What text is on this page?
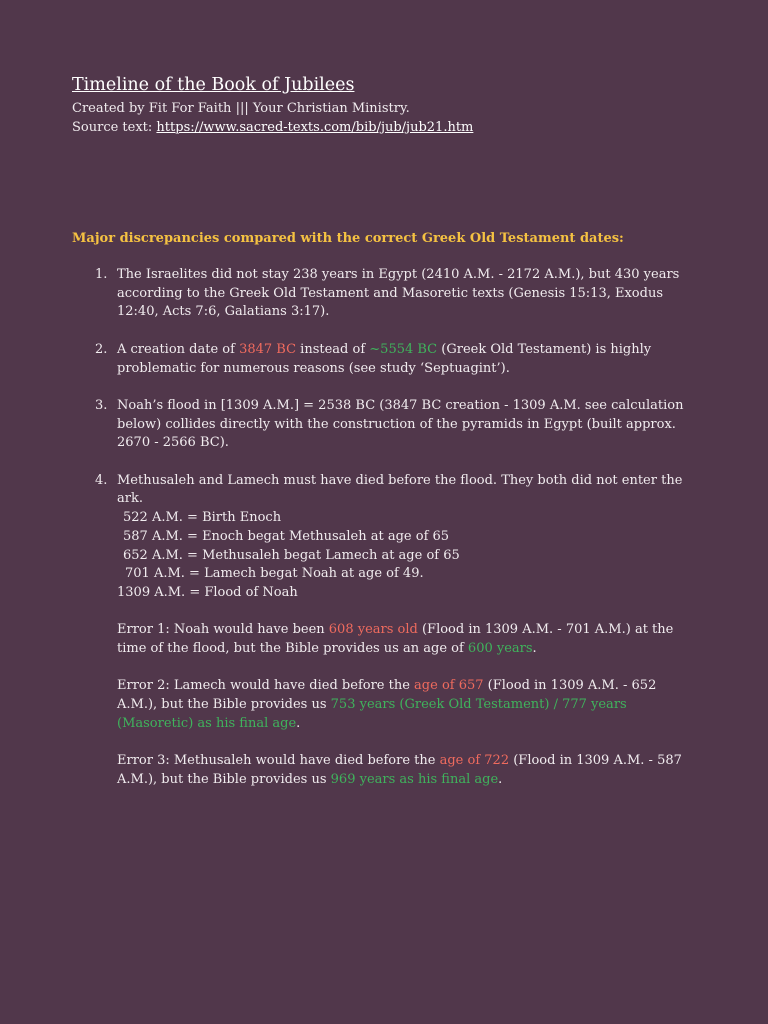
Timeline of the Book of Jubilees

Created by Fit For Faith ||| Your Christian Ministry.

Source text: https://www.sacred-texts.com/bib/jub/jub21.htm

Major discrepancies compared with the correct Greek Old Testament dates:
1. The Israelites did not stay 238 years in Egypt (2410 A.M. - 2172 A.M.), but 430 years according to the Greek Old Testament and Masoretic texts (Genesis 15:13, Exodus 12:40, Acts 7:6, Galatians 3:17).
2. A creation date of 3847 BC instead of ~5554 BC (Greek Old Testament) is highly problematic for numerous reasons (see study ‘Septuagint’).
3. Noah’s flood in [1309 A.M.] = 2538 BC (3847 BC creation - 1309 A.M. see calculation below) collides directly with the construction of the pyramids in Egypt (built approx. 2670 - 2566 BC).
4. Methusaleh and Lamech must have died before the flood. They both did not enter the ark.
522 A.M. = Birth Enoch
587 A.M. = Enoch begat Methusaleh at age of 65
652 A.M. = Methusaleh begat Lamech at age of 65
701 A.M. = Lamech begat Noah at age of 49.
1309 A.M. = Flood of Noah
Error 1: Noah would have been 608 years old (Flood in 1309 A.M. - 701 A.M.) at the time of the flood, but the Bible provides us an age of 600 years.
Error 2: Lamech would have died before the age of 657 (Flood in 1309 A.M. - 652 A.M.), but the Bible provides us 753 years (Greek Old Testament) / 777 years (Masoretic) as his final age.
Error 3: Methusaleh would have died before the age of 722 (Flood in 1309 A.M. - 587 A.M.), but the Bible provides us 969 years as his final age.
